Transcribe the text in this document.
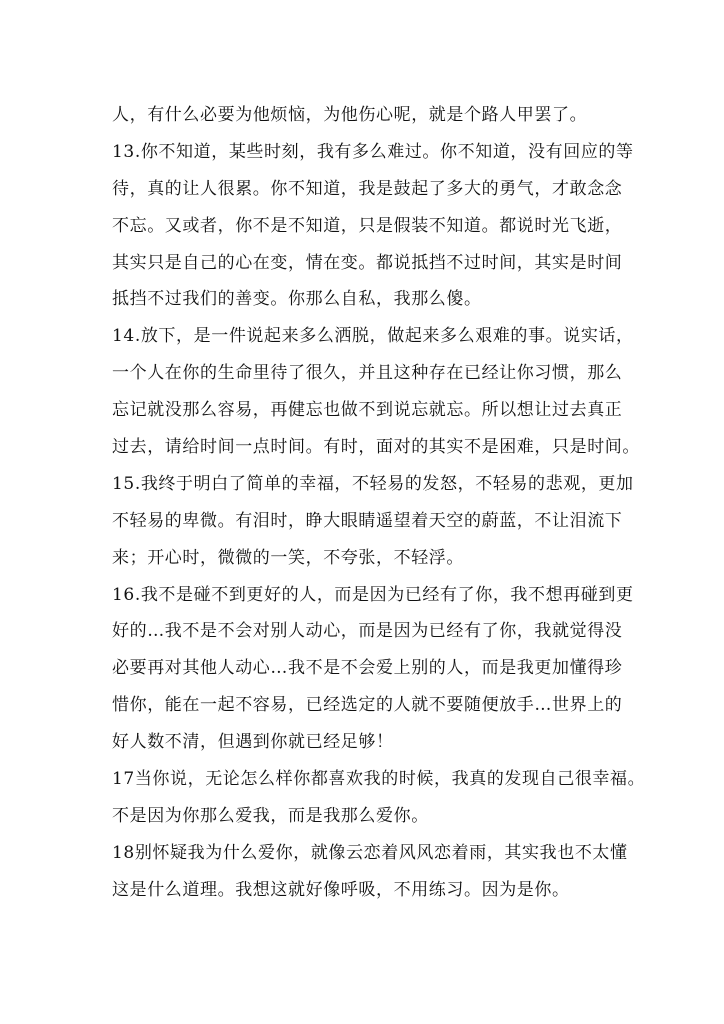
人，有什么必要为他烦恼，为他伤心呢，就是个路人甲罢了。
13.你不知道，某些时刻，我有多么难过。你不知道，没有回应的等
待，真的让人很累。你不知道，我是鼓起了多大的勇气，才敢念念
不忘。又或者，你不是不知道，只是假装不知道。都说时光飞逝，
其实只是自己的心在变，情在变。都说抵挡不过时间，其实是时间
抵挡不过我们的善变。你那么自私，我那么傻。
14.放下，是一件说起来多么洒脱，做起来多么艰难的事。说实话，
一个人在你的生命里待了很久，并且这种存在已经让你习惯，那么
忘记就没那么容易，再健忘也做不到说忘就忘。所以想让过去真正
过去，请给时间一点时间。有时，面对的其实不是困难，只是时间。
15.我终于明白了简单的幸福，不轻易的发怒，不轻易的悲观，更加
不轻易的卑微。有泪时，睁大眼睛遥望着天空的蔚蓝，不让泪流下
来；开心时，微微的一笑，不夸张，不轻浮。
16.我不是碰不到更好的人，而是因为已经有了你，我不想再碰到更
好的…我不是不会对别人动心，而是因为已经有了你，我就觉得没
必要再对其他人动心…我不是不会爱上别的人，而是我更加懂得珍
惜你，能在一起不容易，已经选定的人就不要随便放手…世界上的
好人数不清，但遇到你就已经足够！
17当你说，无论怎么样你都喜欢我的时候，我真的发现自己很幸福。
不是因为你那么爱我，而是我那么爱你。
18别怀疑我为什么爱你，就像云恋着风风恋着雨，其实我也不太懂
这是什么道理。我想这就好像呼吸，不用练习。因为是你。
